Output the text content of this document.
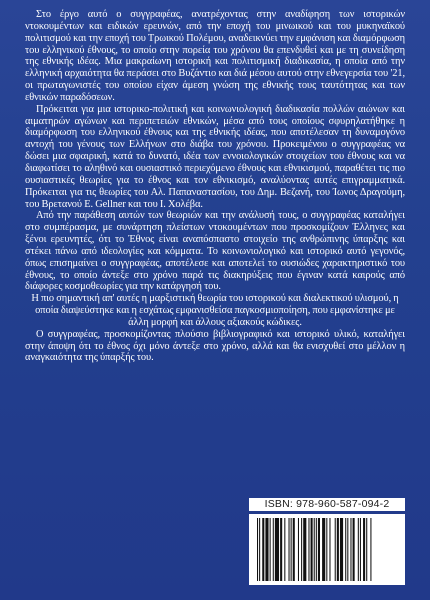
Στο έργο αυτό ο συγγραφέας, ανατρέχοντας στην αναδίφηση των ιστορικών ντοκουμέντων και ειδικών ερευνών, από την εποχή του μινωικού και του μυκηναϊκού πολιτισμού και την εποχή του Τρωικού Πολέμου, αναδεικνύει την εμφάνιση και διαμόρφωση του ελληνικού έθνους, το οποίο στην πορεία του χρόνου θα επενδυθεί και με τη συνείδηση της εθνικής ιδέας. Μια μακραίωνη ιστορική και πολιτισμική διαδικασία, η οποία από την ελληνική αρχαιότητα θα περάσει στο Βυζάντιο και διά μέσου αυτού στην εθνεγερσία του '21, οι πρωταγωνιστές του οποίου είχαν άμεση γνώση της εθνικής τους ταυτότητας και των εθνικών παραδόσεων.

Πρόκειται για μια ιστορικο-πολιτική και κοινωνιολογική διαδικασία πολλών αιώνων και αιματηρών αγώνων και περιπετειών εθνικών, μέσα από τους οποίους σφυρηλατήθηκε η διαμόρφωση του ελληνικού έθνους και της εθνικής ιδέας, που αποτέλεσαν τη δυναμογόνο αντοχή του γένους των Ελλήνων στο διάβα του χρόνου. Προκειμένου ο συγγραφέας να δώσει μια σφαιρική, κατά το δυνατό, ιδέα των εννοιολογικών στοιχείων του έθνους και να διαφωτίσει το αληθινό και ουσιαστικό περιεχόμενο έθνους και εθνικισμού, παραθέτει τις πιο ουσιαστικές θεωρίες για το έθνος και τον εθνικισμό, αναλύοντας αυτές επιγραμματικά. Πρόκειται για τις θεωρίες του Αλ. Παπαναστασίου, του Δημ. Βεζανή, του Ίωνος Δραγούμη, του Βρετανού Ε. Gellner και του Ι. Χολέβα.

Από την παράθεση αυτών των θεωριών και την ανάλυσή τους, ο συγγραφέας καταλήγει στο συμπέρασμα, με συνάρτηση πλείστων ντοκουμέντων που προσκομίζουν Έλληνες και ξένοι ερευνητές, ότι το Έθνος είναι αναπόσπαστο στοιχείο της ανθρώπινης ύπαρξης και στέκει πάνω από ιδεολογίες και κόμματα. Το κοινωνιολογικό και ιστορικό αυτό γεγονός, όπως επισημαίνει ο συγγραφέας, αποτέλεσε και αποτελεί το ουσιώδες χαρακτηριστικό του έθνους, το οποίο άντεξε στο χρόνο παρά τις διακηρύξεις που έγιναν κατά καιρούς από διάφορες κοσμοθεωρίες για την κατάργησή του.

Η πιο σημαντική απ' αυτές η μαρξιστική θεωρία του ιστορικού και διαλεκτικού υλισμού, η οποία διαψεύστηκε και η εσχάτως εμφανισθείσα παγκοσμιοποίηση, που εμφανίστηκε με άλλη μορφή και άλλους αξιακούς κώδικες.

Ο συγγραφέας, προσκομίζοντας πλούσιο βιβλιογραφικό και ιστορικό υλικό, καταλήγει στην άποψη ότι το έθνος όχι μόνο άντεξε στο χρόνο, αλλά και θα ενισχυθεί στο μέλλον η αναγκαιότητα της ύπαρξής του.

ISBN: 978-960-587-094-2
